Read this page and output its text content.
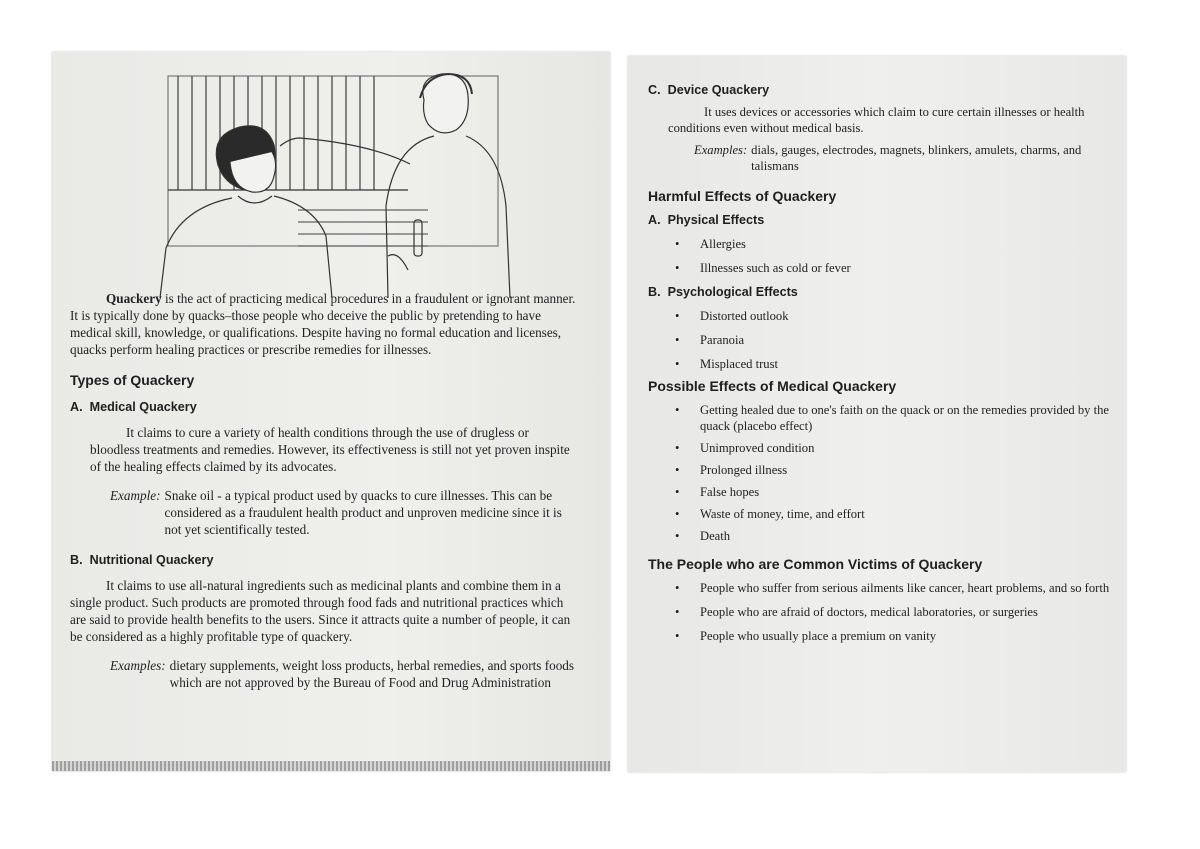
Quackery is the act of practicing medical procedures in a fraudulent or ignorant manner. It is typically done by quacks–those people who deceive the public by pretending to have medical skill, knowledge, or qualifications. Despite having no formal education and licenses, quacks perform healing practices or prescribe remedies for illnesses.

Types of Quackery
A. Medical Quackery

It claims to cure a variety of health conditions through the use of drugless or bloodless treatments and remedies. However, its effectiveness is still not yet proven inspite of the healing effects claimed by its advocates.

Example: Snake oil - a typical product used by quacks to cure illnesses. This can be considered as a fraudulent health product and unproven medicine since it is not yet scientifically tested.

B. Nutritional Quackery

It claims to use all-natural ingredients such as medicinal plants and combine them in a single product. Such products are promoted through food fads and nutritional practices which are said to provide health benefits to the users. Since it attracts quite a number of people, it can be considered as a highly profitable type of quackery.

Examples: dietary supplements, weight loss products, herbal remedies, and sports foods which are not approved by the Bureau of Food and Drug Administration

C. Device Quackery

It uses devices or accessories which claim to cure certain illnesses or health conditions even without medical basis.

Examples: dials, gauges, electrodes, magnets, blinkers, amulets, charms, and talismans

Harmful Effects of Quackery
A. Physical Effects
• Allergies
• Illnesses such as cold or fever
B. Psychological Effects
• Distorted outlook
• Paranoia
• Misplaced trust
Possible Effects of Medical Quackery
• Getting healed due to one's faith on the quack or on the remedies provided by the quack (placebo effect)
• Unimproved condition
• Prolonged illness
• False hopes
• Waste of money, time, and effort
• Death
The People who are Common Victims of Quackery
• People who suffer from serious ailments like cancer, heart problems, and so forth
• People who are afraid of doctors, medical laboratories, or surgeries
• People who usually place a premium on vanity
